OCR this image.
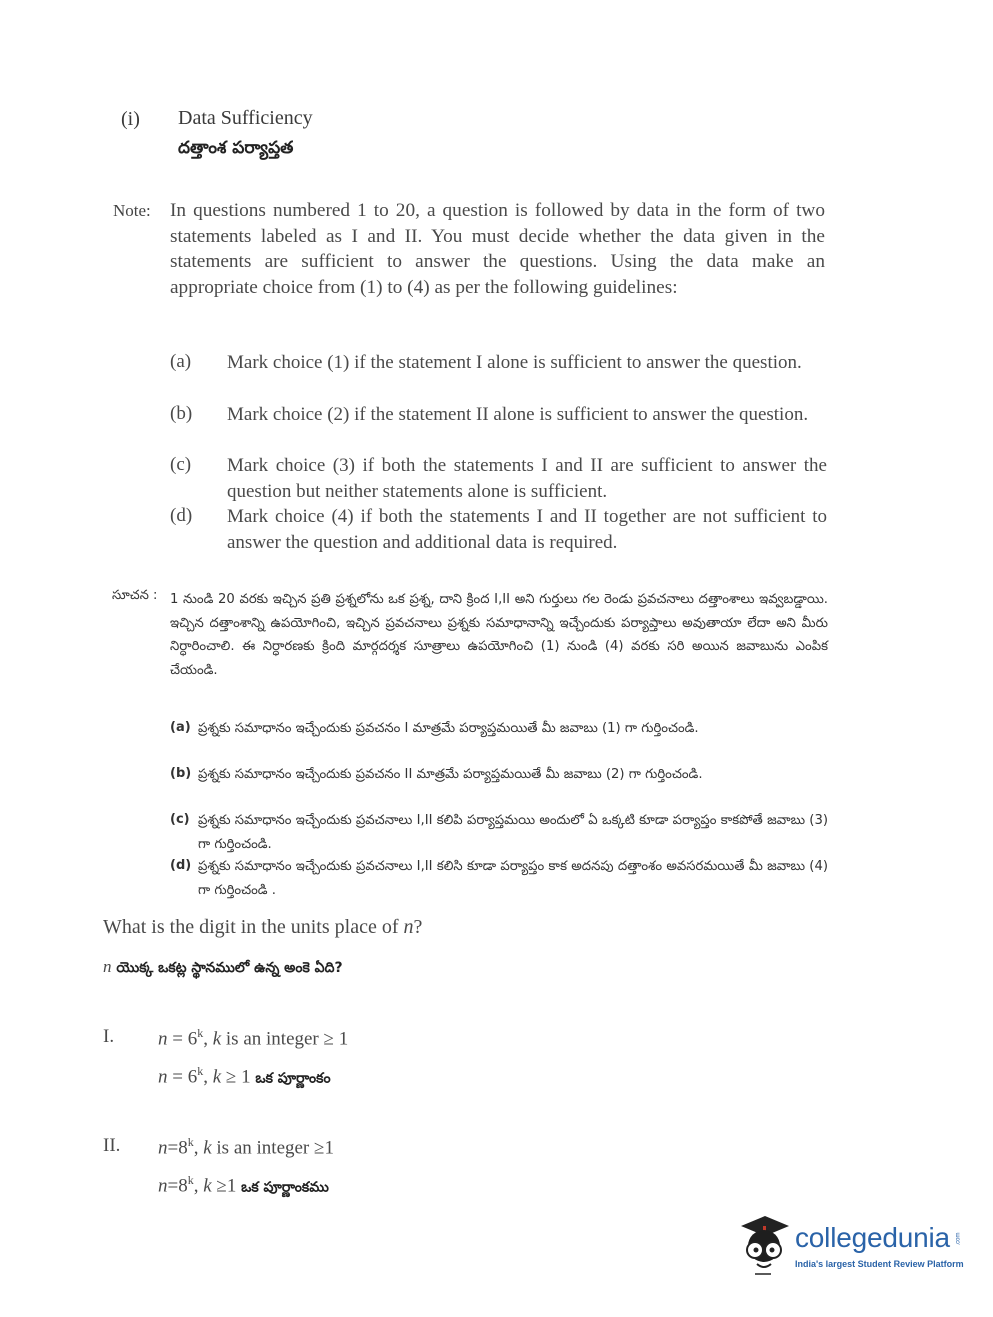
(i) Data Sufficiency
దత్తాంశ పర్యాప్తత
Note: In questions numbered 1 to 20, a question is followed by data in the form of two statements labeled as I and II. You must decide whether the data given in the statements are sufficient to answer the questions. Using the data make an appropriate choice from (1) to (4) as per the following guidelines:
(a) Mark choice (1) if the statement I alone is sufficient to answer the question.
(b) Mark choice (2) if the statement II alone is sufficient to answer the question.
(c) Mark choice (3) if both the statements I and II are sufficient to answer the question but neither statements alone is sufficient.
(d) Mark choice (4) if both the statements I and II together are not sufficient to answer the question and additional data is required.
సూచన : 1 నుండి 20 వరకు ఇచ్చిన ప్రతి ప్రశ్నలోను ఒక ప్రశ్న, దాని క్రింద I,II అని గుర్తులు గల రెండు ప్రవచనాలు దత్తాంశాలు ఇవ్వబడ్డాయి. ఇచ్చిన దత్తాంశాన్ని ఉపయోగించి, ఇచ్చిన ప్రవచనాలు ప్రశ్నకు సమాధానాన్ని ఇచ్చేందుకు పర్యాప్తాలు అవుతాయా లేదా అని మీరు నిర్ధారించాలి. ఈ నిర్ధారణకు క్రింది మార్గదర్శక సూత్రాలు ఉపయోగించి (1) నుండి (4) వరకు సరి అయిన జవాబును ఎంపిక చేయండి.
(a) ప్రశ్నకు సమాధానం ఇచ్చేందుకు ప్రవచనం I మాత్రమే పర్యాప్తమయితే మీ జవాబు (1) గా గుర్తించండి.
(b) ప్రశ్నకు సమాధానం ఇచ్చేందుకు ప్రవచనం II మాత్రమే పర్యాప్తమయితే మీ జవాబు (2) గా గుర్తించండి.
(c) ప్రశ్నకు సమాధానం ఇచ్చేందుకు ప్రవచనాలు I,II కలిపి పర్యాప్తమయి అందులో ఏ ఒక్కటి కూడా పర్యాప్తం కాకపోతే జవాబు (3) గా గుర్తించండి.
(d) ప్రశ్నకు సమాధానం ఇచ్చేందుకు ప్రవచనాలు I,II కలిసి కూడా పర్యాప్తం కాక అదనపు దత్తాంశం అవసరమయితే మీ జవాబు (4) గా గుర్తించండి .
What is the digit in the units place of n?
n యొక్క ఒకట్ల స్థానములో ఉన్న అంకె ఏది?
I. $n = 6^k$, k is an integer ≥ 1
$n = 6^k$, k ≥ 1 ఒక పూర్ణాంకం
II. $n=8^k$, k is an integer ≥1
$n=8^k$, k ≥1 ఒక పూర్ణాంకము
collegedunia .com
India's largest Student Review Platform
